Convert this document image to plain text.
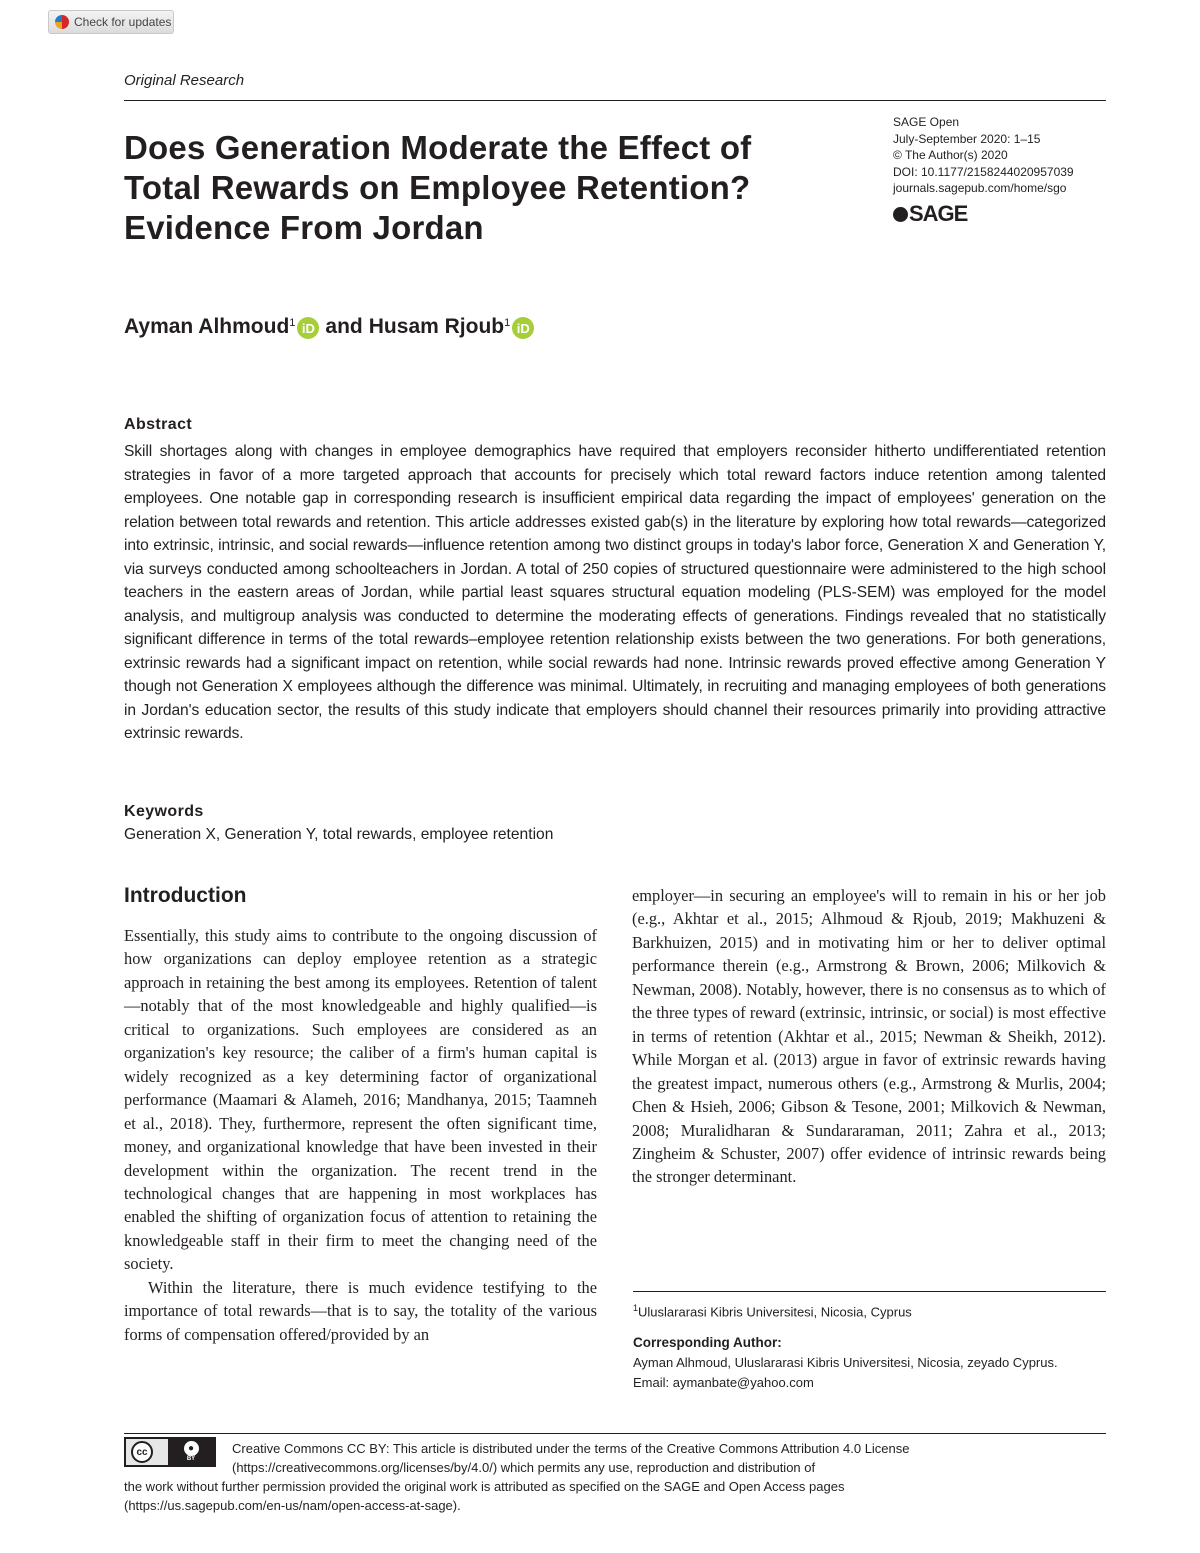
Check for updates
Original Research
Does Generation Moderate the Effect of Total Rewards on Employee Retention? Evidence From Jordan
SAGE Open
July-September 2020: 1–15
© The Author(s) 2020
DOI: 10.1177/2158244020957039
journals.sagepub.com/home/sgo
SAGE
Ayman Alhmoud 1 iD and Husam Rjoub 1 iD
Abstract

Skill shortages along with changes in employee demographics have required that employers reconsider hitherto undifferentiated retention strategies in favor of a more targeted approach that accounts for precisely which total reward factors induce retention among talented employees. One notable gap in corresponding research is insufficient empirical data regarding the impact of employees' generation on the relation between total rewards and retention. This article addresses existed gab(s) in the literature by exploring how total rewards—categorized into extrinsic, intrinsic, and social rewards—influence retention among two distinct groups in today's labor force, Generation X and Generation Y, via surveys conducted among schoolteachers in Jordan. A total of 250 copies of structured questionnaire were administered to the high school teachers in the eastern areas of Jordan, while partial least squares structural equation modeling (PLS-SEM) was employed for the model analysis, and multigroup analysis was conducted to determine the moderating effects of generations. Findings revealed that no statistically significant difference in terms of the total rewards–employee retention relationship exists between the two generations. For both generations, extrinsic rewards had a significant impact on retention, while social rewards had none. Intrinsic rewards proved effective among Generation Y though not Generation X employees although the difference was minimal. Ultimately, in recruiting and managing employees of both generations in Jordan's education sector, the results of this study indicate that employers should channel their resources primarily into providing attractive extrinsic rewards.

Keywords
Generation X, Generation Y, total rewards, employee retention
Introduction

Essentially, this study aims to contribute to the ongoing discussion of how organizations can deploy employee retention as a strategic approach in retaining the best among its employees. Retention of talent—notably that of the most knowledgeable and highly qualified—is critical to organizations. Such employees are considered as an organization's key resource; the caliber of a firm's human capital is widely recognized as a key determining factor of organizational performance (Maamari & Alameh, 2016; Mandhanya, 2015; Taamneh et al., 2018). They, furthermore, represent the often significant time, money, and organizational knowledge that have been invested in their development within the organization. The recent trend in the technological changes that are happening in most workplaces has enabled the shifting of organization focus of attention to retaining the knowledgeable staff in their firm to meet the changing need of the society.

Within the literature, there is much evidence testifying to the importance of total rewards—that is to say, the totality of the various forms of compensation offered/provided by an

employer—in securing an employee's will to remain in his or her job (e.g., Akhtar et al., 2015; Alhmoud & Rjoub, 2019; Makhuzeni & Barkhuizen, 2015) and in motivating him or her to deliver optimal performance therein (e.g., Armstrong & Brown, 2006; Milkovich & Newman, 2008). Notably, however, there is no consensus as to which of the three types of reward (extrinsic, intrinsic, or social) is most effective in terms of retention (Akhtar et al., 2015; Newman & Sheikh, 2012). While Morgan et al. (2013) argue in favor of extrinsic rewards having the greatest impact, numerous others (e.g., Armstrong & Murlis, 2004; Chen & Hsieh, 2006; Gibson & Tesone, 2001; Milkovich & Newman, 2008; Muralidharan & Sundararaman, 2011; Zahra et al., 2013; Zingheim & Schuster, 2007) offer evidence of intrinsic rewards being the stronger determinant.

$^1$Uluslararasi Kibris Universitesi, Nicosia, Cyprus
Corresponding Author:
Ayman Alhmoud, Uluslararasi Kibris Universitesi, Nicosia, zeyado Cyprus.
Email: aymanbate@yahoo.com
cc	●
BY
Creative Commons CC BY: This article is distributed under the terms of the Creative Commons Attribution 4.0 License
(https://creativecommons.org/licenses/by/4.0/) which permits any use, reproduction and distribution of
the work without further permission provided the original work is attributed as specified on the SAGE and Open Access pages
(https://us.sagepub.com/en-us/nam/open-access-at-sage).
